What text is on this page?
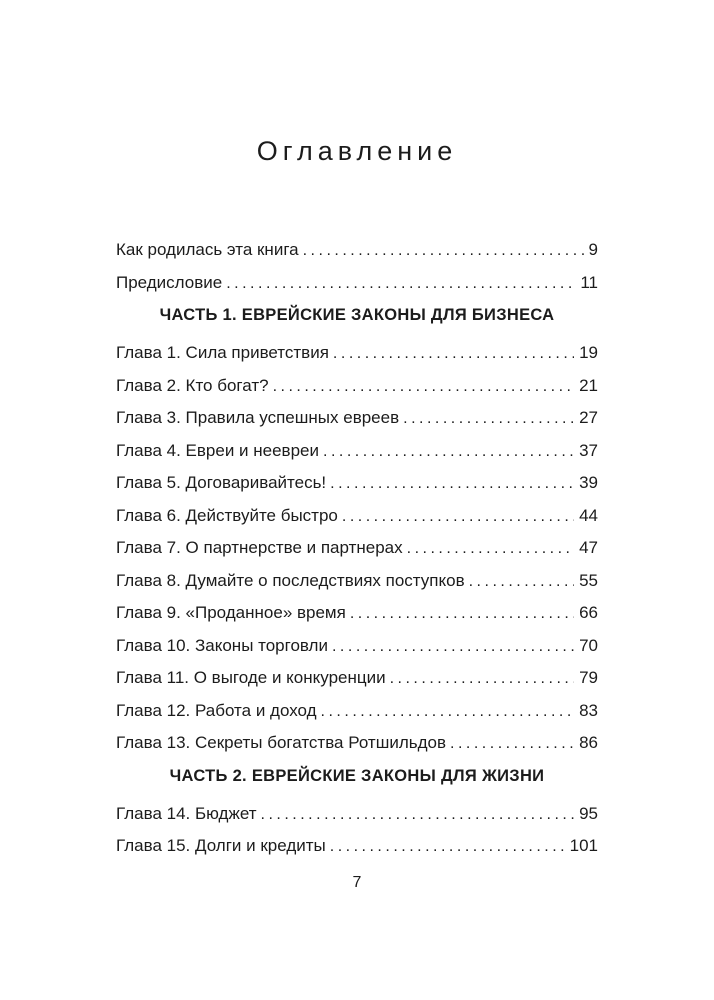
Оглавление
Как родилась эта книга .....	9
Предисловие .....	11
ЧАСТЬ 1. ЕВРЕЙСКИЕ ЗАКОНЫ ДЛЯ БИЗНЕСА
Глава 1. Сила приветствия .....	19
Глава 2. Кто богат? .....	21
Глава 3. Правила успешных евреев .....	27
Глава 4. Евреи и неевреи .....	37
Глава 5. Договаривайтесь! .....	39
Глава 6. Действуйте быстро .....	44
Глава 7. О партнерстве и партнерах .....	47
Глава 8. Думайте о последствиях поступков .....	55
Глава 9. «Проданное» время .....	66
Глава 10. Законы торговли .....	70
Глава 11. О выгоде и конкуренции .....	79
Глава 12. Работа и доход .....	83
Глава 13. Секреты богатства Ротшильдов .....	86
ЧАСТЬ 2. ЕВРЕЙСКИЕ ЗАКОНЫ ДЛЯ ЖИЗНИ
Глава 14. Бюджет .....	95
Глава 15. Долги и кредиты .....	101
7
